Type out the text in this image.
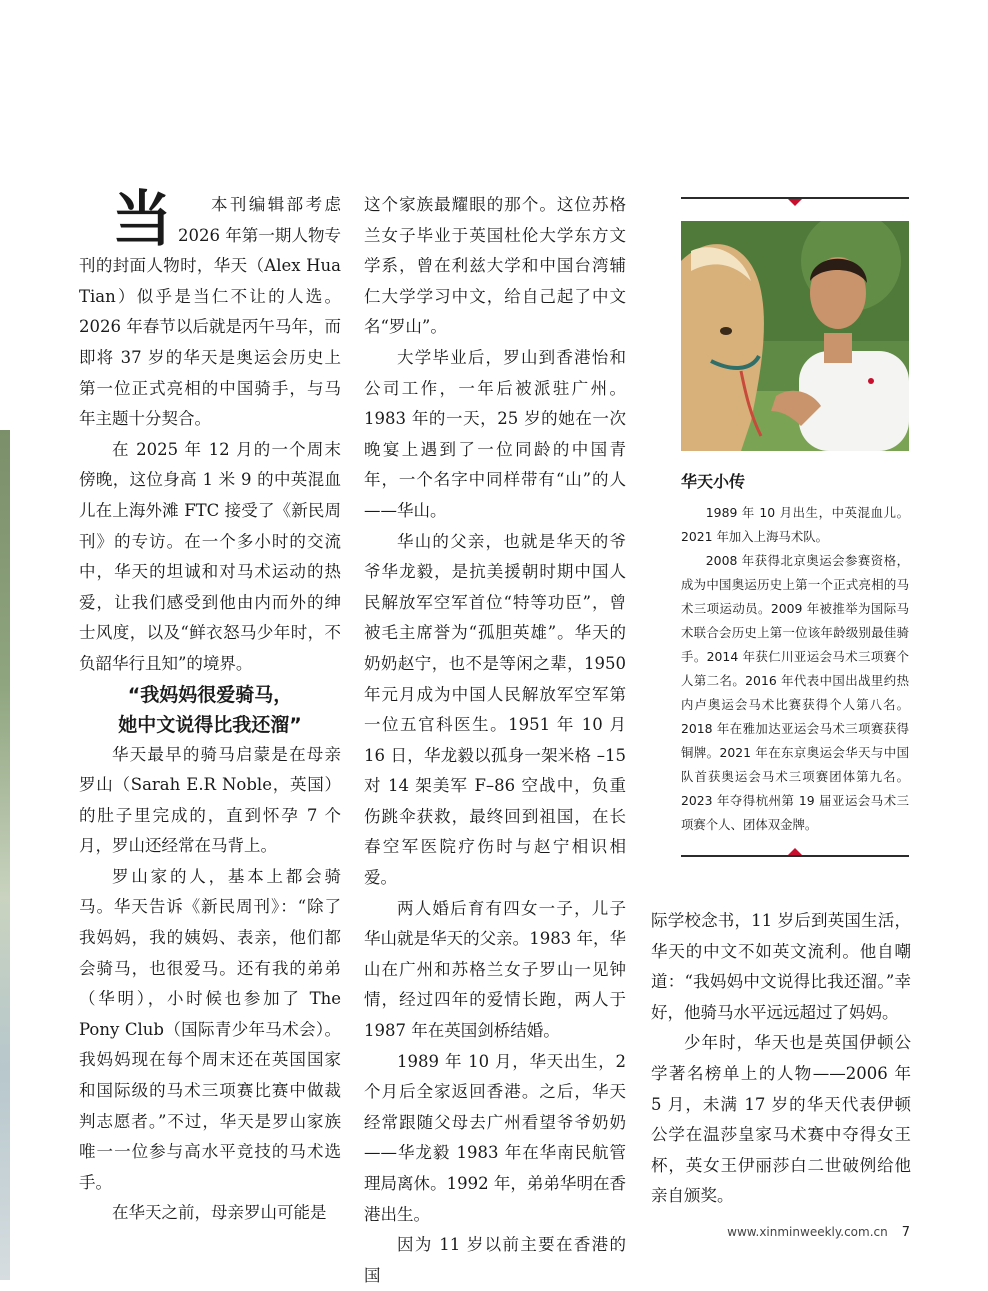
当 本刊编辑部考虑 2026 年第一期人物专刊的封面人物时，华天（Alex Hua Tian）似乎是当仁不让的人选。2026 年春节以后就是丙午马年，而即将 37 岁的华天是奥运会历史上第一位正式亮相的中国骑手，与马年主题十分契合。

在 2025 年 12 月的一个周末傍晚，这位身高 1 米 9 的中英混血儿在上海外滩 FTC 接受了《新民周刊》的专访。在一个多小时的交流中，华天的坦诚和对马术运动的热爱，让我们感受到他由内而外的绅士风度，以及“鲜衣怒马少年时，不负韶华行且知”的境界。

“我妈妈很爱骑马，
她中文说得比我还溜”

华天最早的骑马启蒙是在母亲罗山（Sarah E.R Noble，英国）的肚子里完成的，直到怀孕 7 个月，罗山还经常在马背上。

罗山家的人，基本上都会骑马。华天告诉《新民周刊》：“除了我妈妈，我的姨妈、表亲，他们都会骑马，也很爱马。还有我的弟弟（华明），小时候也参加了 The Pony Club（国际青少年马术会）。我妈妈现在每个周末还在英国国家和国际级的马术三项赛比赛中做裁判志愿者。”不过，华天是罗山家族唯一一位参与高水平竞技的马术选手。

在华天之前，母亲罗山可能是

这个家族最耀眼的那个。这位苏格兰女子毕业于英国杜伦大学东方文学系，曾在利兹大学和中国台湾辅仁大学学习中文，给自己起了中文名“罗山”。

大学毕业后，罗山到香港怡和公司工作，一年后被派驻广州。1983 年的一天，25 岁的她在一次晚宴上遇到了一位同龄的中国青年，一个名字中同样带有“山”的人——华山。

华山的父亲，也就是华天的爷爷华龙毅，是抗美援朝时期中国人民解放军空军首位“特等功臣”，曾被毛主席誉为“孤胆英雄”。华天的奶奶赵宁，也不是等闲之辈，1950 年元月成为中国人民解放军空军第一位五官科医生。1951 年 10 月 16 日，华龙毅以孤身一架米格 –15 对 14 架美军 F–86 空战中，负重伤跳伞获救，最终回到祖国，在长春空军医院疗伤时与赵宁相识相爱。

两人婚后育有四女一子，儿子华山就是华天的父亲。1983 年，华山在广州和苏格兰女子罗山一见钟情，经过四年的爱情长跑，两人于 1987 年在英国剑桥结婚。

1989 年 10 月，华天出生，2 个月后全家返回香港。之后，华天经常跟随父母去广州看望爷爷奶奶——华龙毅 1983 年在华南民航管理局离休。1992 年，弟弟华明在香港出生。

因为 11 岁以前主要在香港的国

华天小传

1989 年 10 月出生，中英混血儿。2021 年加入上海马术队。

2008 年获得北京奥运会参赛资格，成为中国奥运历史上第一个正式亮相的马术三项运动员。2009 年被推举为国际马术联合会历史上第一位该年龄级别最佳骑手。2014 年获仁川亚运会马术三项赛个人第二名。2016 年代表中国出战里约热内卢奥运会马术比赛获得个人第八名。2018 年在雅加达亚运会马术三项赛获得铜牌。2021 年在东京奥运会华天与中国队首获奥运会马术三项赛团体第九名。2023 年夺得杭州第 19 届亚运会马术三项赛个人、团体双金牌。

际学校念书，11 岁后到英国生活，华天的中文不如英文流利。他自嘲道：“我妈妈中文说得比我还溜。”幸好，他骑马水平远远超过了妈妈。

少年时，华天也是英国伊顿公学著名榜单上的人物——2006 年 5 月，未满 17 岁的华天代表伊顿公学在温莎皇家马术赛中夺得女王杯，英女王伊丽莎白二世破例给他亲自颁奖。

www.xinminweekly.com.cn 7
